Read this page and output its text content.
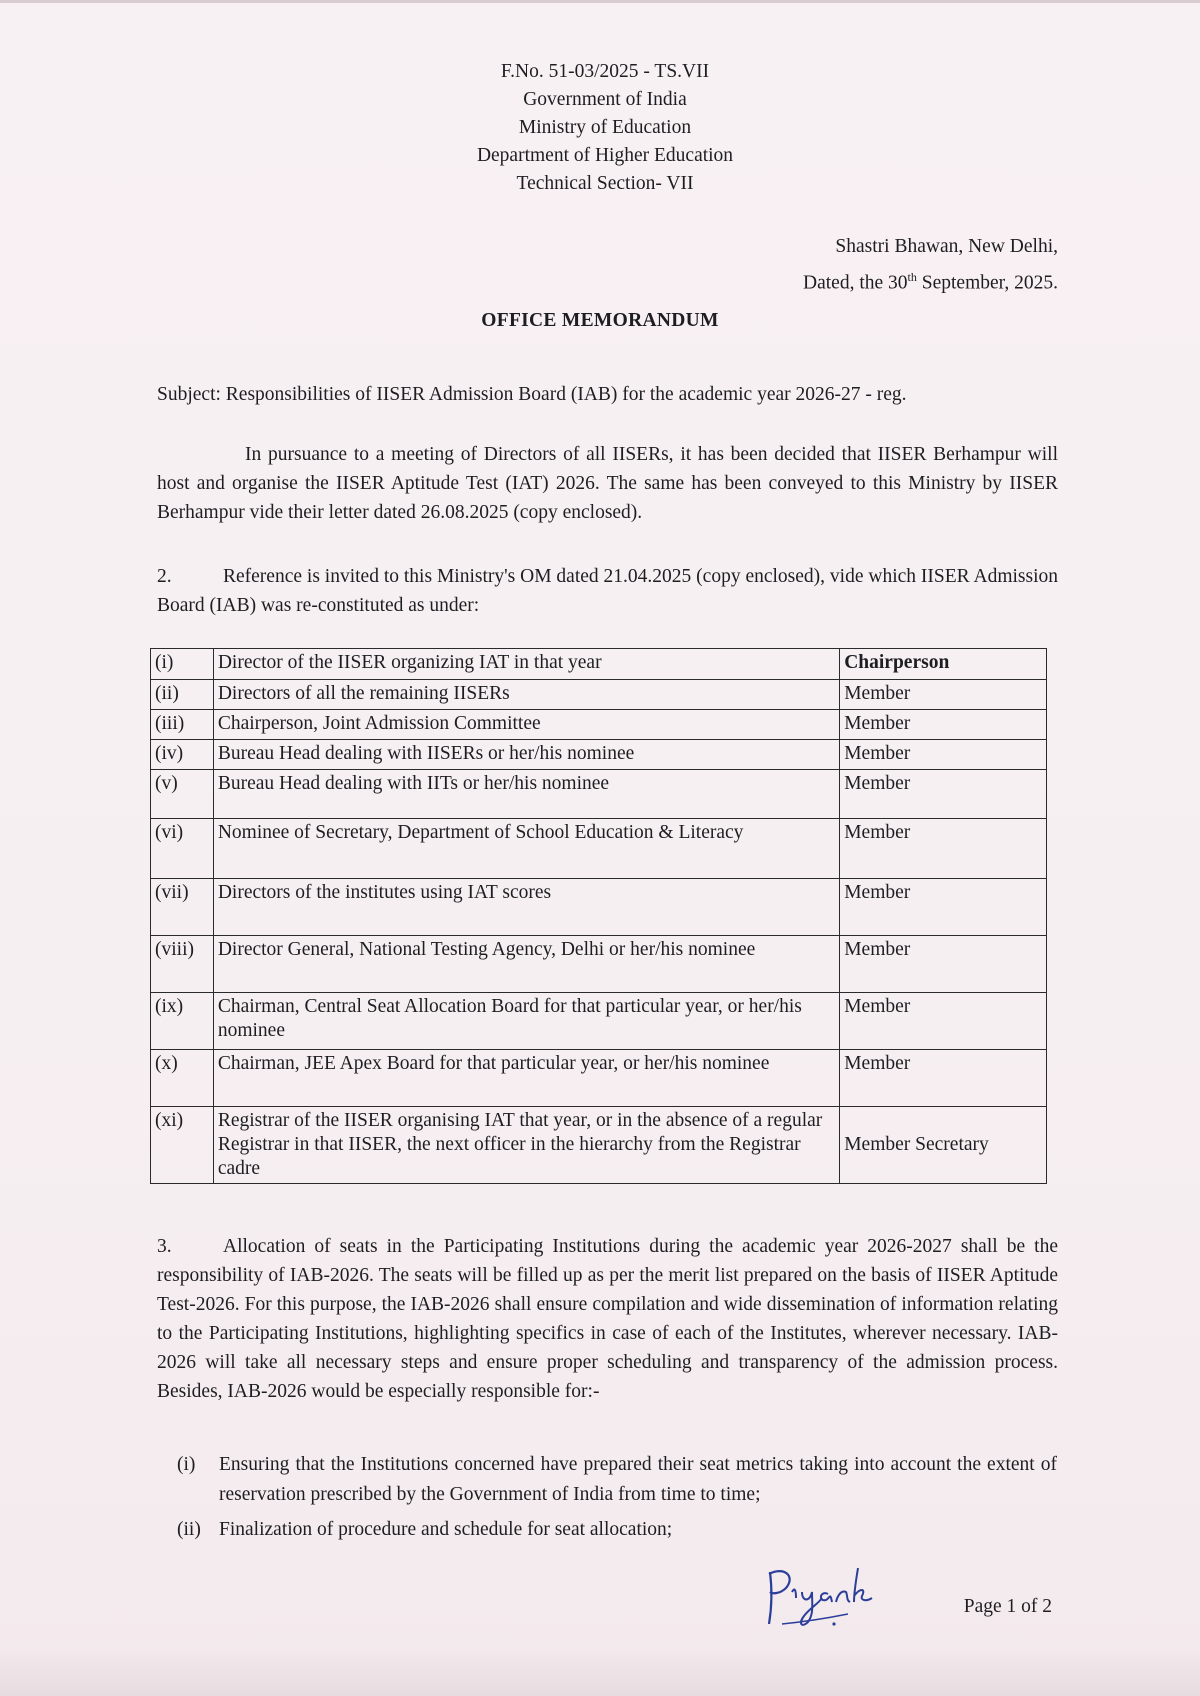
F.No. 51-03/2025 - TS.VII
Government of India
Ministry of Education
Department of Higher Education
Technical Section- VII
Shastri Bhawan, New Delhi,
Dated, the 30th September, 2025.
OFFICE MEMORANDUM
Subject: Responsibilities of IISER Admission Board (IAB) for the academic year 2026-27 - reg.
In pursuance to a meeting of Directors of all IISERs, it has been decided that IISER Berhampur will host and organise the IISER Aptitude Test (IAT) 2026. The same has been conveyed to this Ministry by IISER Berhampur vide their letter dated 26.08.2025 (copy enclosed).
2.	Reference is invited to this Ministry's OM dated 21.04.2025 (copy enclosed), vide which IISER Admission Board (IAB) was re-constituted as under:
(i)	Director of the IISER organizing IAT in that year	Chairperson
(ii)	Directors of all the remaining IISERs	Member
(iii)	Chairperson, Joint Admission Committee	Member
(iv)	Bureau Head dealing with IISERs or her/his nominee	Member
(v)	Bureau Head dealing with IITs or her/his nominee	Member
(vi)	Nominee of Secretary, Department of School Education & Literacy	Member
(vii)	Directors of the institutes using IAT scores	Member
(viii)	Director General, National Testing Agency, Delhi or her/his nominee	Member
(ix)	Chairman, Central Seat Allocation Board for that particular year, or her/his nominee	Member
(x)	Chairman, JEE Apex Board for that particular year, or her/his nominee	Member
(xi)	Registrar of the IISER organising IAT that year, or in the absence of a regular Registrar in that IISER, the next officer in the hierarchy from the Registrar cadre	Member Secretary
3.	Allocation of seats in the Participating Institutions during the academic year 2026-2027 shall be the responsibility of IAB-2026. The seats will be filled up as per the merit list prepared on the basis of IISER Aptitude Test-2026. For this purpose, the IAB-2026 shall ensure compilation and wide dissemination of information relating to the Participating Institutions, highlighting specifics in case of each of the Institutes, wherever necessary. IAB-2026 will take all necessary steps and ensure proper scheduling and transparency of the admission process. Besides, IAB-2026 would be especially responsible for:-
(i) Ensuring that the Institutions concerned have prepared their seat metrics taking into account the extent of reservation prescribed by the Government of India from time to time;
(ii) Finalization of procedure and schedule for seat allocation;
Page 1 of 2
